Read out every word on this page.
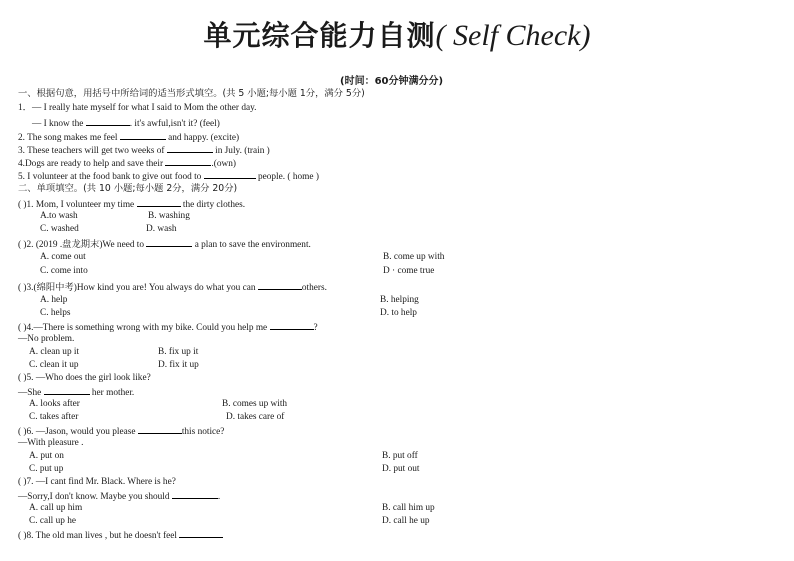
单元综合能力自测( Self Check)
(时间：60分钟满分分)
一、根据句意，用括号中所给词的适当形式填空。(共 5 小题;每小题 1分，满分 5分)
1．— I really hate myself for what I said to Mom the other day.
— I know the	. it's awful,isn't it? (feel)
2. The song makes me feel	and happy. (excite)
3. These teachers will get two weeks of	in July. (train )
4.Dogs are ready to help and save their	.(own)
5. I volunteer at the food bank to give out food to	people. ( home )
二、单项填空。(共 10 小题;每小题 2分，满分 20分)
( )1. Mom, I volunteer my time	the dirty clothes.
A.to wash	B. washing
C. washed	D. wash
( )2. (2019 .盘龙期末)We need to	a plan to save the environment.
A. come out	B. come up with
C. come into	D · come true
( )3.(绵阳中考)How kind you are! You always do what you can	others.
A. help	B. helping
C. helps	D. to help
( )4.—There is something wrong with my bike. Could you help me	?
—No problem.
A. clean up it	B. fix up it
C. clean it up	D. fix it up
( )5. —Who does the girl look like?
—She	her mother.
A. looks after	B. comes up with
C. takes after	D. takes care of
( )6. —Jason, would you please	this notice?
—With pleasure .
A. put on	B. put off
C. put up	D. put out
( )7. —I cant find Mr. Black. Where is he?
—Sorry,I don't know. Maybe you should	.
A. call up him	B. call him up
C. call up he	D. call he up
( )8. The old man lives , but he doesn't feel
